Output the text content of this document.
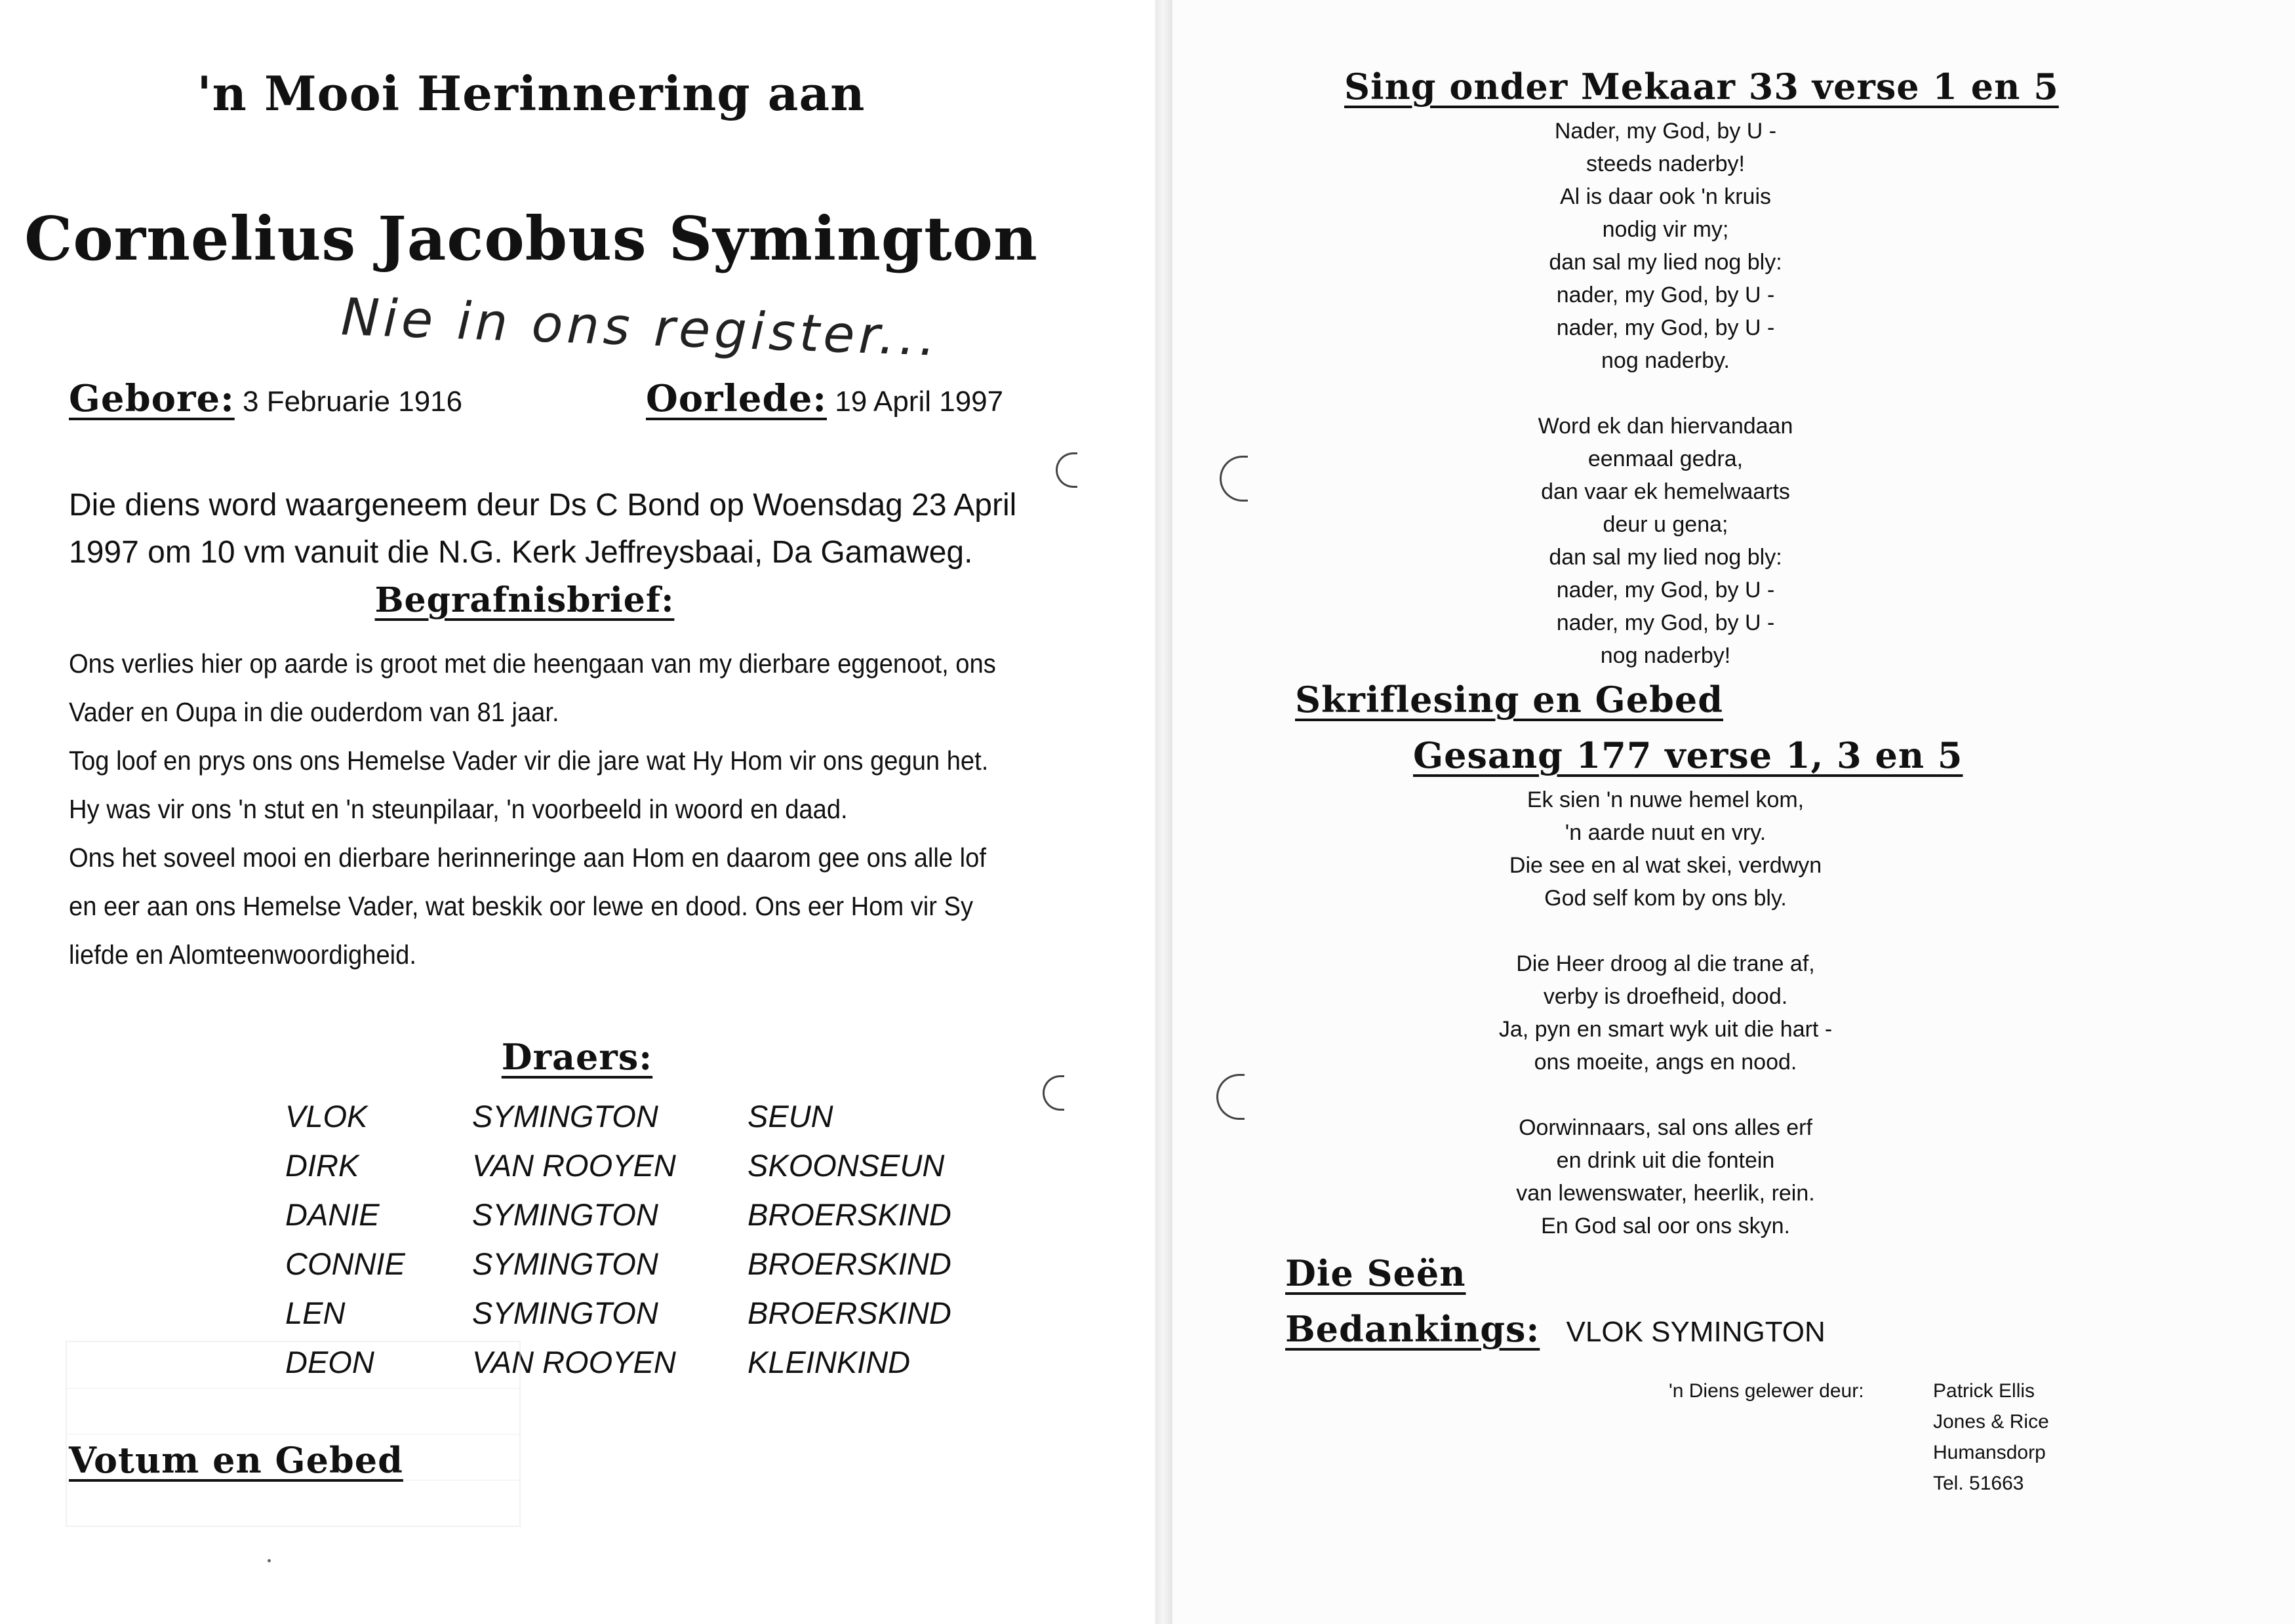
'n Mooi Herinnering aan
Cornelius Jacobus Symington
Nie in ons register...
Gebore: 3 Februarie 1916	Oorlede: 19 April 1997
Die diens word waargeneem deur Ds C Bond op Woensdag 23 April
1997 om 10 vm vanuit die N.G. Kerk Jeffreysbaai, Da Gamaweg.
Begrafnisbrief:
Ons verlies hier op aarde is groot met die heengaan van my dierbare eggenoot, ons
Vader en Oupa in die ouderdom van 81 jaar.
Tog loof en prys ons ons Hemelse Vader vir die jare wat Hy Hom vir ons gegun het.
Hy was vir ons 'n stut en 'n steunpilaar, 'n voorbeeld in woord en daad.
Ons het soveel mooi en dierbare herinneringe aan Hom en daarom gee ons alle lof
en eer aan ons Hemelse Vader, wat beskik oor lewe en dood. Ons eer Hom vir Sy
liefde en Alomteenwoordigheid.
Draers:
VLOK	SYMINGTON	SEUN
DIRK	VAN ROOYEN	SKOONSEUN
DANIE	SYMINGTON	BROERSKIND
CONNIE	SYMINGTON	BROERSKIND
LEN	SYMINGTON	BROERSKIND
DEON	VAN ROOYEN	KLEINKIND
Votum en Gebed
Sing onder Mekaar 33 verse 1 en 5
Nader, my God, by U -
steeds naderby!
Al is daar ook 'n kruis
nodig vir my;
dan sal my lied nog bly:
nader, my God, by U -
nader, my God, by U -
nog naderby.
Word ek dan hiervandaan
eenmaal gedra,
dan vaar ek hemelwaarts
deur u gena;
dan sal my lied nog bly:
nader, my God, by U -
nader, my God, by U -
nog naderby!
Skriflesing en Gebed
Gesang 177 verse 1, 3 en 5
Ek sien 'n nuwe hemel kom,
'n aarde nuut en vry.
Die see en al wat skei, verdwyn
God self kom by ons bly.
Die Heer droog al die trane af,
verby is droefheid, dood.
Ja, pyn en smart wyk uit die hart -
ons moeite, angs en nood.
Oorwinnaars, sal ons alles erf
en drink uit die fontein
van lewenswater, heerlik, rein.
En God sal oor ons skyn.
Die Seën
Bedankings: VLOK SYMINGTON
'n Diens gelewer deur:	Patrick Ellis
Jones & Rice
Humansdorp
Tel. 51663
